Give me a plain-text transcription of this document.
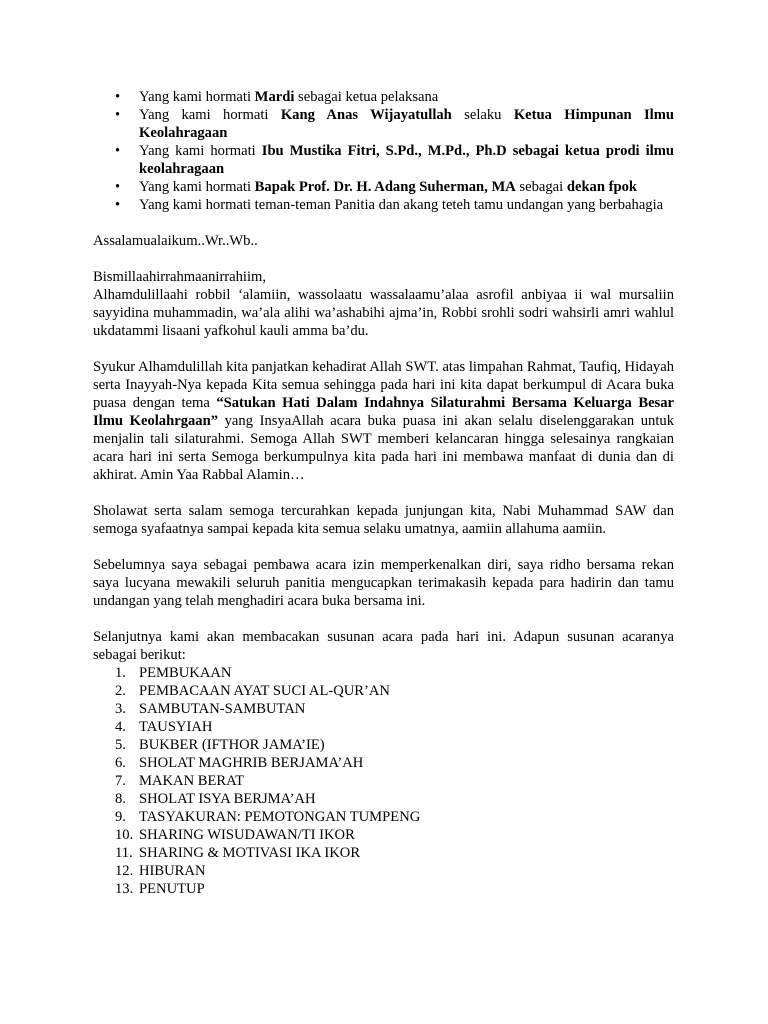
• Yang kami hormati Mardi sebagai ketua pelaksana
• Yang kami hormati Kang Anas Wijayatullah selaku Ketua Himpunan Ilmu Keolahragaan
• Yang kami hormati Ibu Mustika Fitri, S.Pd., M.Pd., Ph.D sebagai ketua prodi ilmu keolahragaan
• Yang kami hormati Bapak Prof. Dr. H. Adang Suherman, MA sebagai dekan fpok
• Yang kami hormati teman-teman Panitia dan akang teteh tamu undangan yang berbahagia

Assalamualaikum..Wr..Wb..

Bismillaahirrahmaanirrahiim,

Alhamdulillaahi robbil ‘alamiin, wassolaatu wassalaamu’alaa asrofil anbiyaa ii wal mursaliin sayyidina muhammadin, wa’ala alihi wa’ashabihi ajma’in, Robbi srohli sodri wahsirli amri wahlul ukdatammi lisaani yafkohul kauli amma ba’du.

Syukur Alhamdulillah kita panjatkan kehadirat Allah SWT. atas limpahan Rahmat, Taufiq, Hidayah serta Inayyah-Nya kepada Kita semua sehingga pada hari ini kita dapat berkumpul di Acara buka puasa dengan tema “Satukan Hati Dalam Indahnya Silaturahmi Bersama Keluarga Besar Ilmu Keolahrgaan” yang InsyaAllah acara buka puasa ini akan selalu diselenggarakan untuk menjalin tali silaturahmi. Semoga Allah SWT memberi kelancaran hingga selesainya rangkaian acara hari ini serta Semoga berkumpulnya kita pada hari ini membawa manfaat di dunia dan di akhirat. Amin Yaa Rabbal Alamin…

Sholawat serta salam semoga tercurahkan kepada junjungan kita, Nabi Muhammad SAW dan semoga syafaatnya sampai kepada kita semua selaku umatnya, aamiin allahuma aamiin.

Sebelumnya saya sebagai pembawa acara izin memperkenalkan diri, saya ridho bersama rekan saya lucyana mewakili seluruh panitia mengucapkan terimakasih kepada para hadirin dan tamu undangan yang telah menghadiri acara buka bersama ini.

Selanjutnya kami akan membacakan susunan acara pada hari ini. Adapun susunan acaranya sebagai berikut:

1. PEMBUKAAN
2. PEMBACAAN AYAT SUCI AL-QUR’AN
3. SAMBUTAN-SAMBUTAN
4. TAUSYIAH
5. BUKBER (IFTHOR JAMA’IE)
6. SHOLAT MAGHRIB BERJAMA’AH
7. MAKAN BERAT
8. SHOLAT ISYA BERJMA’AH
9. TASYAKURAN: PEMOTONGAN TUMPENG
10. SHARING WISUDAWAN/TI IKOR
11. SHARING & MOTIVASI IKA IKOR
12. HIBURAN
13. PENUTUP
